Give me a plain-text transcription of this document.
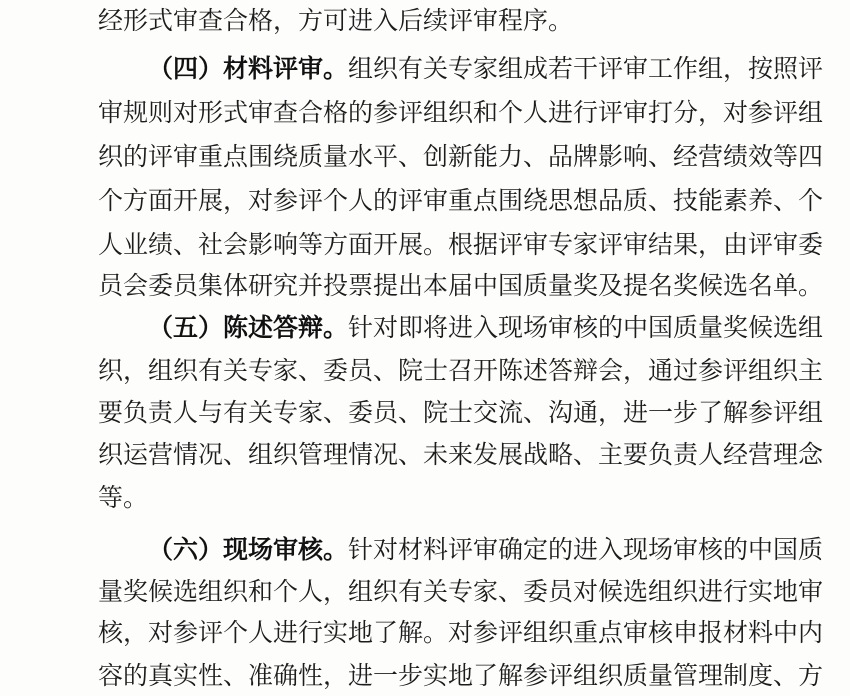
经形式审查合格，方可进入后续评审程序。
（四）材料评审。组织有关专家组成若干评审工作组，按照评
审规则对形式审查合格的参评组织和个人进行评审打分，对参评组
织的评审重点围绕质量水平、创新能力、品牌影响、经营绩效等四
个方面开展，对参评个人的评审重点围绕思想品质、技能素养、个
人业绩、社会影响等方面开展。根据评审专家评审结果，由评审委
员会委员集体研究并投票提出本届中国质量奖及提名奖候选名单。
（五）陈述答辩。针对即将进入现场审核的中国质量奖候选组
织，组织有关专家、委员、院士召开陈述答辩会，通过参评组织主
要负责人与有关专家、委员、院士交流、沟通，进一步了解参评组
织运营情况、组织管理情况、未来发展战略、主要负责人经营理念
等。
（六）现场审核。针对材料评审确定的进入现场审核的中国质
量奖候选组织和个人，组织有关专家、委员对候选组织进行实地审
核，对参评个人进行实地了解。对参评组织重点审核申报材料中内
容的真实性、准确性，进一步实地了解参评组织质量管理制度、方
